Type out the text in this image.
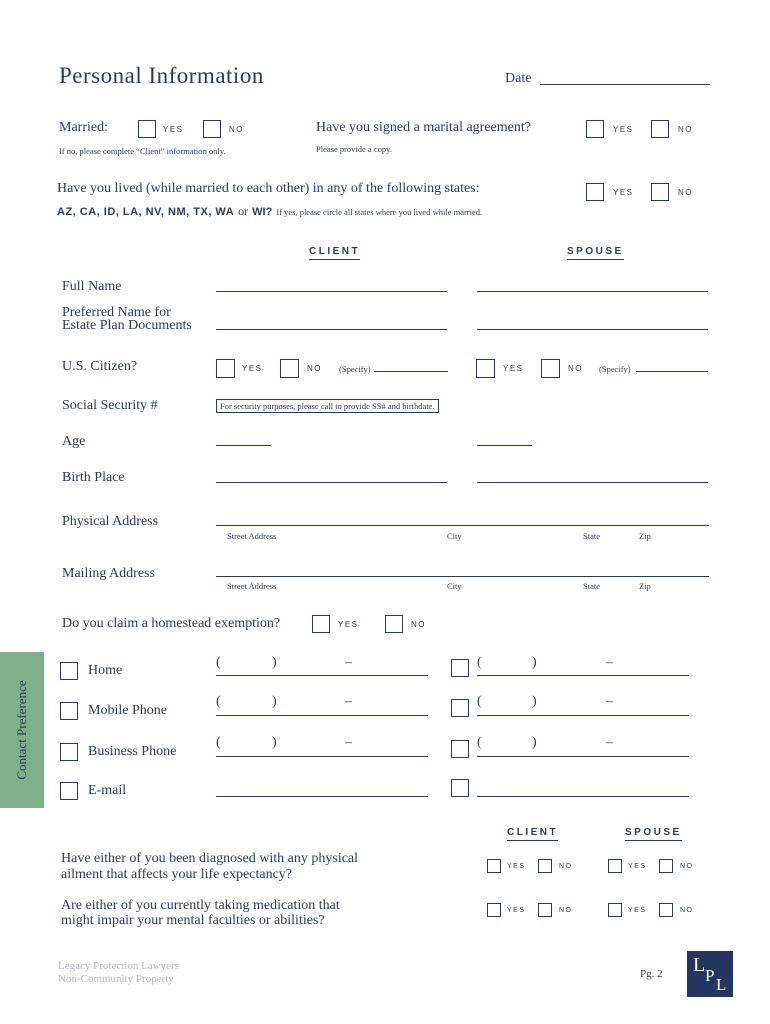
Personal Information	Date
Married:	YES	NO
If no, please complete “Client” information only.
Have you signed a marital agreement?
Please provide a copy.
YES	NO
Have you lived (while married to each other) in any of the following states:
AZ, CA, ID, LA, NV, NM, TX, WA or WI? If yes, please circle all states where you lived while married.
YES	NO
CLIENT	SPOUSE
Full Name
Preferred Name for
Estate Plan Documents
U.S. Citizen?	YES	NO (Specify)	YES	NO (Specify)
Social Security #	For security purposes, please call to provide SS# and birthdate.
Age
Birth Place
Physical Address
Street Address	City	State	Zip
Mailing Address
Street Address	City	State	Zip
Do you claim a homestead exemption?	YES	NO
Contact Preference
Home
(	)	–	(	)	–
Mobile Phone
(	)	–	(	)	–
Business Phone
(	)	–	(	)	–
E-mail
CLIENT	SPOUSE
Have either of you been diagnosed with any physical
ailment that affects your life expectancy?
YES	NO	YES	NO
Are either of you currently taking medication that
might impair your mental faculties or abilities?
YES	NO	YES	NO
Legacy Protection Lawyers
Non-Community Property	Pg. 2 L P L
